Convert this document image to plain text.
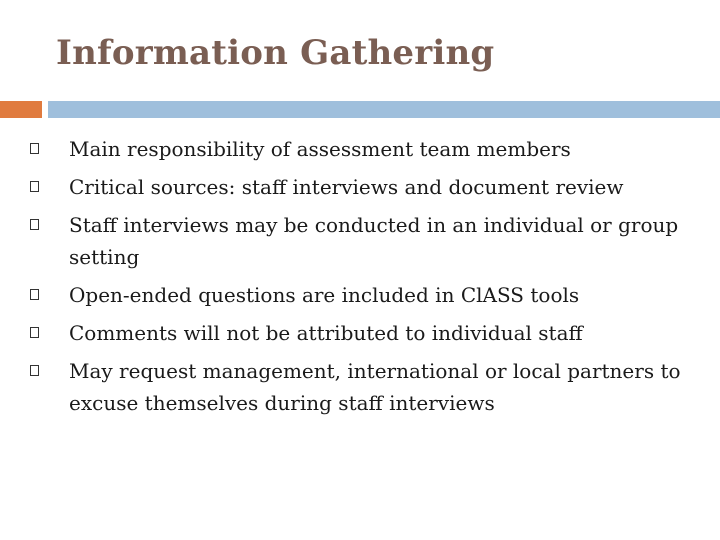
Information Gathering
Main responsibility of assessment team members
Critical sources: staff interviews and document review
Staff interviews may be conducted in an individual or group setting
Open-ended questions are included in ClASS tools
Comments will not be attributed to individual staff
May request management, international or local partners to excuse themselves during staff interviews
